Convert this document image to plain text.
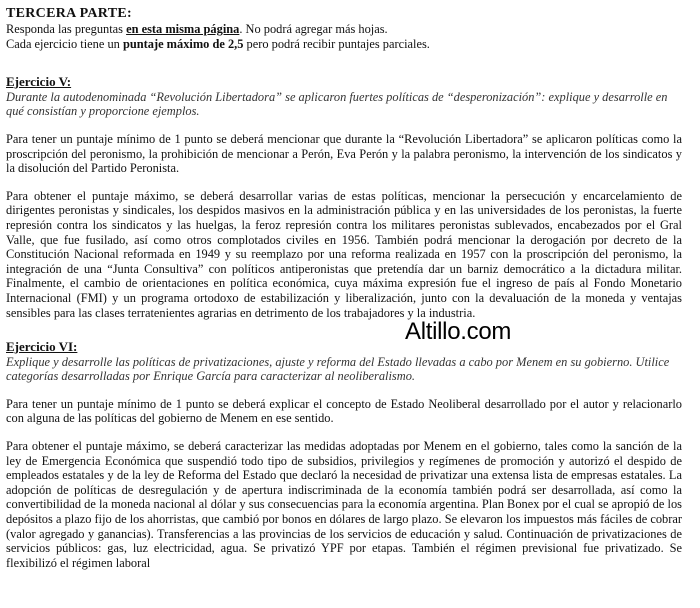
TERCERA PARTE:
Responda las preguntas en esta misma página. No podrá agregar más hojas.
Cada ejercicio tiene un puntaje máximo de 2,5 pero podrá recibir puntajes parciales.
Ejercicio V:
Durante la autodenominada “Revolución Libertadora” se aplicaron fuertes políticas de “desperonización”: explique y desarrolle en qué consistían y proporcione ejemplos.
Para tener un puntaje mínimo de 1 punto se deberá mencionar que durante la “Revolución Libertadora” se aplicaron políticas como la proscripción del peronismo, la prohibición de mencionar a Perón, Eva Perón y la palabra peronismo, la intervención de los sindicatos y la disolución del Partido Peronista.
Para obtener el puntaje máximo, se deberá desarrollar varias de estas políticas, mencionar la persecución y encarcelamiento de dirigentes peronistas y sindicales, los despidos masivos en la administración pública y en las universidades de los peronistas, la fuerte represión contra los sindicatos y las huelgas, la feroz represión contra los militares peronistas sublevados, encabezados por el Gral Valle, que fue fusilado, así como otros complotados civiles en 1956. También podrá mencionar la derogación por decreto de la Constitución Nacional reformada en 1949 y su reemplazo por una reforma realizada en 1957 con la proscripción del peronismo, la integración de una “Junta Consultiva” con políticos antiperonistas que pretendía dar un barniz democrático a la dictadura militar. Finalmente, el cambio de orientaciones en política económica, cuya máxima expresión fue el ingreso de país al Fondo Monetario Internacional (FMI) y un programa ortodoxo de estabilización y liberalización, junto con la devaluación de la moneda y ventajas sensibles para las clases terratenientes agrarias en detrimento de los trabajadores y la industria.
Ejercicio VI:
Explique y desarrolle las políticas de privatizaciones, ajuste y reforma del Estado llevadas a cabo por Menem en su gobierno. Utilice categorías desarrolladas por Enrique García para caracterizar al neoliberalismo.
Para tener un puntaje mínimo de 1 punto se deberá explicar el concepto de Estado Neoliberal desarrollado por el autor y relacionarlo con alguna de las políticas del gobierno de Menem en ese sentido.
Para obtener el puntaje máximo, se deberá caracterizar las medidas adoptadas por Menem en el gobierno, tales como la sanción de la ley de Emergencia Económica que suspendió todo tipo de subsidios, privilegios y regímenes de promoción y autorizó el despido de empleados estatales y de la ley de Reforma del Estado que declaró la necesidad de privatizar una extensa lista de empresas estatales. La adopción de políticas de desregulación y de apertura indiscriminada de la economía también podrá ser desarrollada, así como la convertibilidad de la moneda nacional al dólar y sus consecuencias para la economía argentina. Plan Bonex por el cual se apropió de los depósitos a plazo fijo de los ahorristas, que cambió por bonos en dólares de largo plazo. Se elevaron los impuestos más fáciles de cobrar (valor agregado y ganancias). Transferencias a las provincias de los servicios de educación y salud. Continuación de privatizaciones de servicios públicos: gas, luz electricidad, agua. Se privatizó YPF por etapas. También el régimen previsional fue privatizado. Se flexibilizó el régimen laboral
Altillo.com
